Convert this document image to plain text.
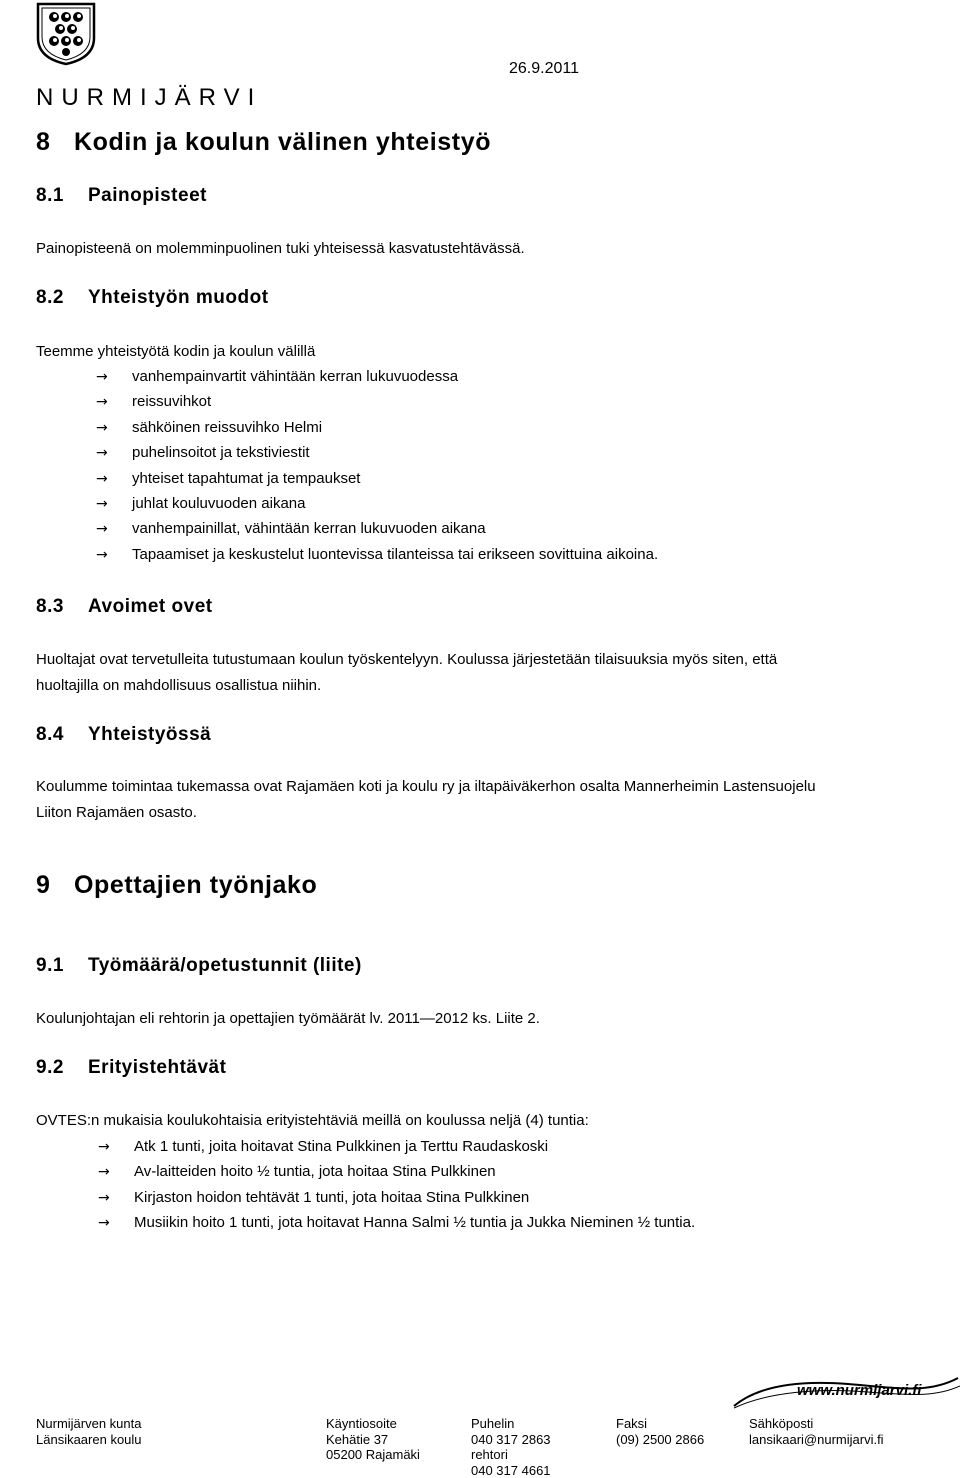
NURMIJÄRVI
26.9.2011
8 Kodin ja koulun välinen yhteistyö
8.1 Painopisteet
Painopisteenä on molemminpuolinen tuki yhteisessä kasvatustehtävässä.
8.2 Yhteistyön muodot
Teemme yhteistyötä kodin ja koulun välillä
→ vanhempainvartit vähintään kerran lukuvuodessa
→ reissuvihkot
→ sähköinen reissuvihko Helmi
→ puhelinsoitot ja tekstiviestit
→ yhteiset tapahtumat ja tempaukset
→ juhlat kouluvuoden aikana
→ vanhempainillat, vähintään kerran lukuvuoden aikana
→ Tapaamiset ja keskustelut luontevissa tilanteissa tai erikseen sovittuina aikoina.
8.3 Avoimet ovet
Huoltajat ovat tervetulleita tutustumaan koulun työskentelyyn. Koulussa järjestetään tilaisuuksia myös siten, että
huoltajilla on mahdollisuus osallistua niihin.
8.4 Yhteistyössä
Koulumme toimintaa tukemassa ovat Rajamäen koti ja koulu ry ja iltapäiväkerhon osalta Mannerheimin Lastensuojelu
Liiton Rajamäen osasto.
9 Opettajien työnjako
9.1 Työmäärä/opetustunnit (liite)
Koulunjohtajan eli rehtorin ja opettajien työmäärät lv. 2011—2012 ks. Liite 2.
9.2 Erityistehtävät
OVTES:n mukaisia koulukohtaisia erityistehtäviä meillä on koulussa neljä (4) tuntia:
→ Atk 1 tunti, joita hoitavat Stina Pulkkinen ja Terttu Raudaskoski
→ Av-laitteiden hoito ½ tuntia, jota hoitaa Stina Pulkkinen
→ Kirjaston hoidon tehtävät 1 tunti, jota hoitaa Stina Pulkkinen
→ Musiikin hoito 1 tunti, jota hoitavat Hanna Salmi ½ tuntia ja Jukka Nieminen ½ tuntia.
www.nurmijarvi.fi
Nurmijärven kunta
Länsikaaren koulu
Käyntiosoite
Kehätie 37
05200 Rajamäki
Puhelin
040 317 2863
rehtori
040 317 4661
Faksi
(09) 2500 2866
Sähköposti
lansikaari@nurmijarvi.fi
